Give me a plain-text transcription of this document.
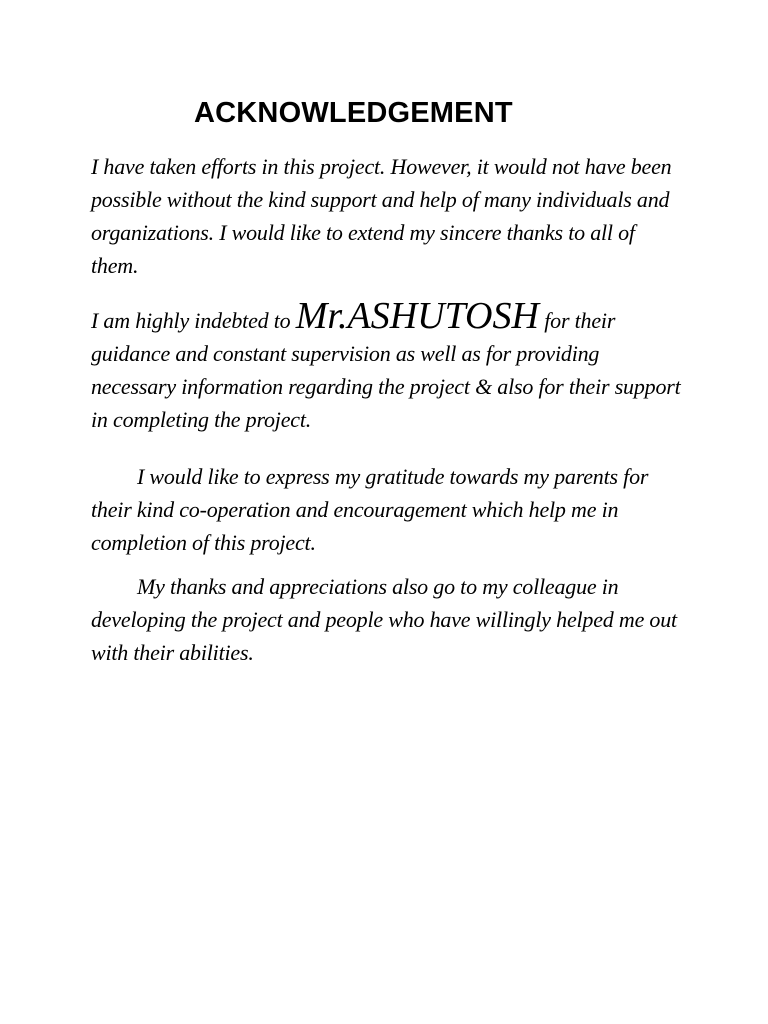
ACKNOWLEDGEMENT

I have taken efforts in this project. However, it would not have been possible without the kind support and help of many individuals and organizations. I would like to extend my sincere thanks to all of them.

I am highly indebted to Mr.ASHUTOSH for their guidance and constant supervision as well as for providing necessary information regarding the project & also for their support in completing the project.

I would like to express my gratitude towards my parents for their kind co-operation and encouragement which help me in completion of this project.

My thanks and appreciations also go to my colleague in developing the project and people who have willingly helped me out with their abilities.
